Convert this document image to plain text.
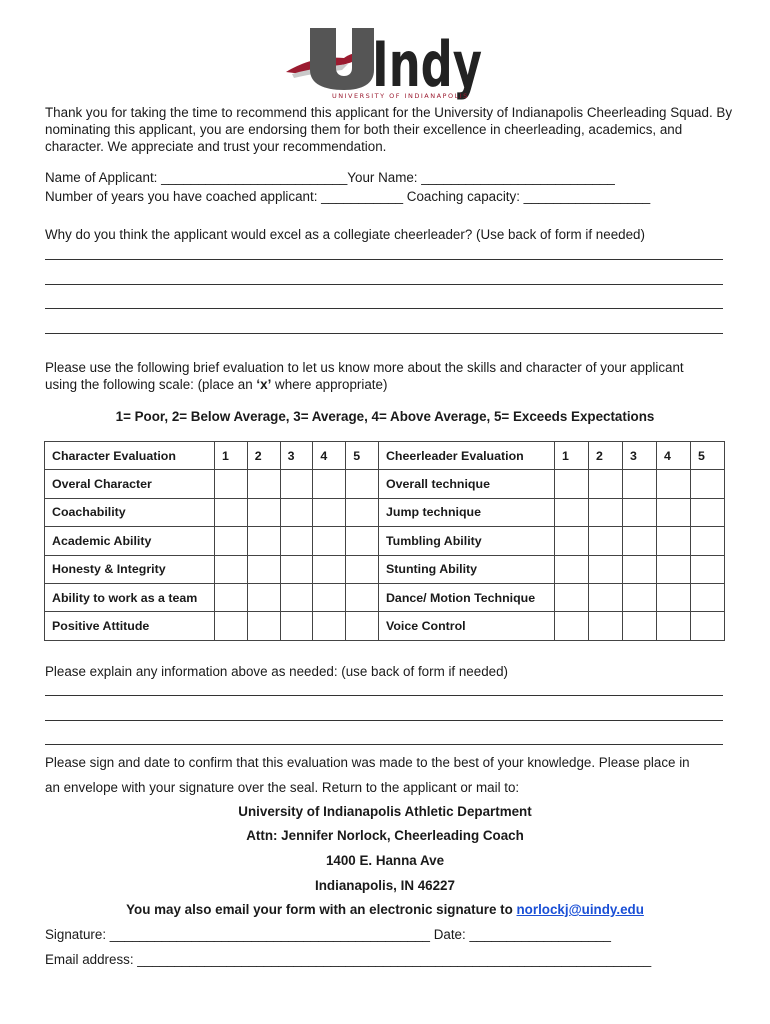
Indy
UNIVERSITY OF INDIANAPOLIS
Thank you for taking the time to recommend this applicant for the University of Indianapolis Cheerleading Squad. By nominating this applicant, you are endorsing them for both their excellence in cheerleading, academics, and character. We appreciate and trust your recommendation.
Name of Applicant: _________________________Your Name: __________________________
Number of years you have coached applicant: ___________ Coaching capacity: _________________
Why do you think the applicant would excel as a collegiate cheerleader? (Use back of form if needed)
Please use the following brief evaluation to let us know more about the skills and character of your applicant
using the following scale: (place an ‘x’ where appropriate)
1= Poor, 2= Below Average, 3= Average, 4= Above Average, 5= Exceeds Expectations
Character Evaluation	1	2	3	4	5	Cheerleader Evaluation	1	2	3	4	5
Overal Character						Overall technique					
Coachability						Jump technique					
Academic Ability						Tumbling Ability					
Honesty & Integrity						Stunting Ability					
Ability to work as a team						Dance/ Motion Technique					
Positive Attitude						Voice Control					
Please explain any information above as needed: (use back of form if needed)
Please sign and date to confirm that this evaluation was made to the best of your knowledge. Please place in
an envelope with your signature over the seal. Return to the applicant or mail to:
University of Indianapolis Athletic Department
Attn: Jennifer Norlock, Cheerleading Coach
1400 E. Hanna Ave
Indianapolis, IN 46227
You may also email your form with an electronic signature to norlockj@uindy.edu
Signature: ___________________________________________ Date: ___________________
Email address: _____________________________________________________________________
